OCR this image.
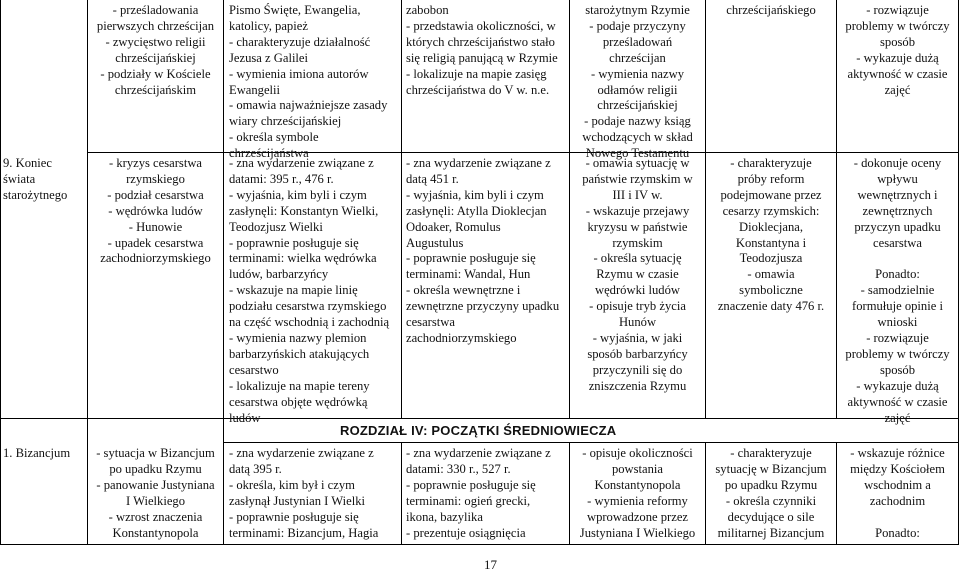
- prześladowania
pierwszych chrześcijan
- zwycięstwo religii
chrześcijańskiej
- podziały w Kościele
chrześcijańskim
Pismo Święte, Ewangelia,
katolicy, papież
- charakteryzuje działalność
Jezusa z Galilei
- wymienia imiona autorów
Ewangelii
- omawia najważniejsze zasady
wiary chrześcijańskiej
- określa symbole
chrześcijaństwa
zabobon
- przedstawia okoliczności, w
których chrześcijaństwo stało
się religią panującą w Rzymie
- lokalizuje na mapie zasięg
chrześcijaństwa do V w. n.e.
starożytnym Rzymie
- podaje przyczyny
prześladowań
chrześcijan
- wymienia nazwy
odłamów religii
chrześcijańskiej
- podaje nazwy ksiąg
wchodzących w skład
Nowego Testamentu
chrześcijańskiego	- rozwiązuje
problemy w twórczy
sposób
- wykazuje dużą
aktywność w czasie
zajęć
9. Koniec
świata
starożytnego
- kryzys cesarstwa
rzymskiego
- podział cesarstwa
- wędrówka ludów
- Hunowie
- upadek cesarstwa
zachodniorzymskiego
- zna wydarzenie związane z
datami: 395 r., 476 r.
- wyjaśnia, kim byli i czym
zasłynęli: Konstantyn Wielki,
Teodozjusz Wielki
- poprawnie posługuje się
terminami: wielka wędrówka
ludów, barbarzyńcy
- wskazuje na mapie linię
podziału cesarstwa rzymskiego
na część wschodnią i zachodnią
- wymienia nazwy plemion
barbarzyńskich atakujących
cesarstwo
- lokalizuje na mapie tereny
cesarstwa objęte wędrówką
ludów
- zna wydarzenie związane z
datą 451 r.
- wyjaśnia, kim byli i czym
zasłynęli: Atylla Dioklecjan
Odoaker, Romulus
Augustulus
- poprawnie posługuje się
terminami: Wandal, Hun
- określa wewnętrzne i
zewnętrzne przyczyny upadku
cesarstwa
zachodniorzymskiego
- omawia sytuację w
państwie rzymskim w
III i IV w.
- wskazuje przejawy
kryzysu w państwie
rzymskim
- określa sytuację
Rzymu w czasie
wędrówki ludów
- opisuje tryb życia
Hunów
- wyjaśnia, w jaki
sposób barbarzyńcy
przyczynili się do
zniszczenia Rzymu
- charakteryzuje
próby reform
podejmowane przez
cesarzy rzymskich:
Dioklecjana,
Konstantyna i
Teodozjusza
- omawia
symboliczne
znaczenie daty 476 r.
- dokonuje oceny
wpływu
wewnętrznych i
zewnętrznych
przyczyn upadku
cesarstwa

Ponadto:
- samodzielnie
formułuje opinie i
wnioski
- rozwiązuje
problemy w twórczy
sposób
- wykazuje dużą
aktywność w czasie
zajęć
ROZDZIAŁ IV: POCZĄTKI ŚREDNIOWIECZA
1. Bizancjum	- sytuacja w Bizancjum
po upadku Rzymu
- panowanie Justyniana
I Wielkiego
- wzrost znaczenia
Konstantynopola
- zna wydarzenie związane z
datą 395 r.
- określa, kim był i czym
zasłynął Justynian I Wielki
- poprawnie posługuje się
terminami: Bizancjum, Hagia
- zna wydarzenie związane z
datami: 330 r., 527 r.
- poprawnie posługuje się
terminami: ogień grecki,
ikona, bazylika
- prezentuje osiągnięcia
- opisuje okoliczności
powstania
Konstantynopola
- wymienia reformy
wprowadzone przez
Justyniana I Wielkiego
- charakteryzuje
sytuację w Bizancjum
po upadku Rzymu
- określa czynniki
decydujące o sile
militarnej Bizancjum
- wskazuje różnice
między Kościołem
wschodnim a
zachodnim

Ponadto:
17
